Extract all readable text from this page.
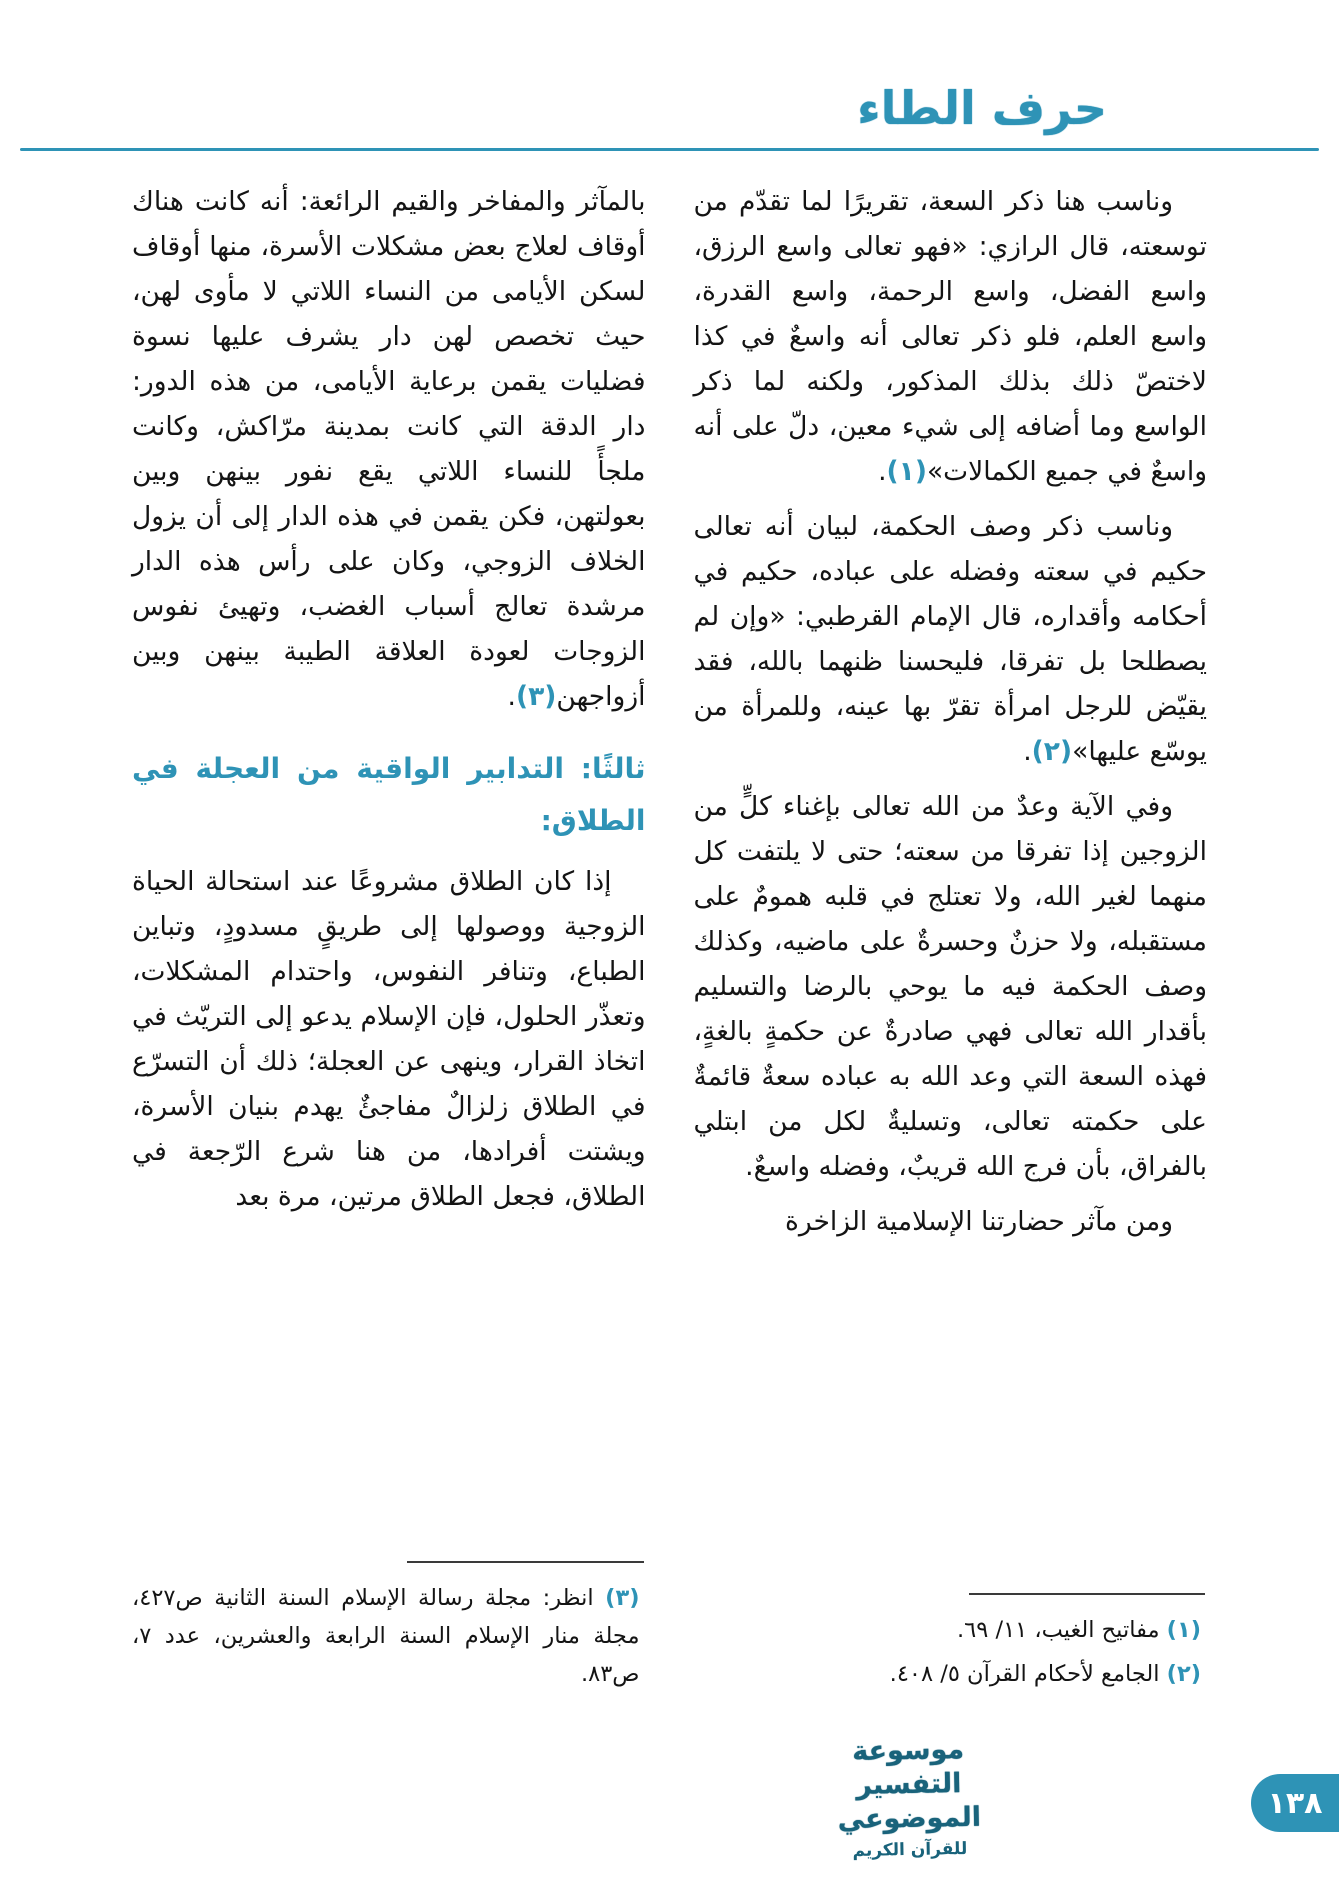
حرف الطاء

وناسب هنا ذكر السعة، تقريرًا لما تقدّم من توسعته، قال الرازي: «فهو تعالى واسع الرزق، واسع الفضل، واسع الرحمة، واسع القدرة، واسع العلم، فلو ذكر تعالى أنه واسعٌ في كذا لاختصّ ذلك بذلك المذكور، ولكنه لما ذكر الواسع وما أضافه إلى شيء معين، دلّ على أنه واسعٌ في جميع الكمالات»(١).

وناسب ذكر وصف الحكمة، لبيان أنه تعالى حكيم في سعته وفضله على عباده، حكيم في أحكامه وأقداره، قال الإمام القرطبي: «وإن لم يصطلحا بل تفرقا، فليحسنا ظنهما بالله، فقد يقيّض للرجل امرأة تقرّ بها عينه، وللمرأة من يوسّع عليها»(٢).

وفي الآية وعدٌ من الله تعالى بإغناء كلٍّ من الزوجين إذا تفرقا من سعته؛ حتى لا يلتفت كل منهما لغير الله، ولا تعتلج في قلبه همومٌ على مستقبله، ولا حزنٌ وحسرةٌ على ماضيه، وكذلك وصف الحكمة فيه ما يوحي بالرضا والتسليم بأقدار الله تعالى فهي صادرةٌ عن حكمةٍ بالغةٍ، فهذه السعة التي وعد الله به عباده سعةٌ قائمةٌ على حكمته تعالى، وتسليةٌ لكل من ابتلي بالفراق، بأن فرج الله قريبٌ، وفضله واسعٌ.

ومن مآثر حضارتنا الإسلامية الزاخرة

(١) مفاتيح الغيب، ١١/ ٦٩.

(٢) الجامع لأحكام القرآن ٥/ ٤٠٨.

بالمآثر والمفاخر والقيم الرائعة: أنه كانت هناك أوقاف لعلاج بعض مشكلات الأسرة، منها أوقاف لسكن الأيامى من النساء اللاتي لا مأوى لهن، حيث تخصص لهن دار يشرف عليها نسوة فضليات يقمن برعاية الأيامى، من هذه الدور: دار الدقة التي كانت بمدينة مرّاكش، وكانت ملجأً للنساء اللاتي يقع نفور بينهن وبين بعولتهن، فكن يقمن في هذه الدار إلى أن يزول الخلاف الزوجي، وكان على رأس هذه الدار مرشدة تعالج أسباب الغضب، وتهيئ نفوس الزوجات لعودة العلاقة الطيبة بينهن وبين أزواجهن(٣).

ثالثًا: التدابير الواقية من العجلة في الطلاق:

إذا كان الطلاق مشروعًا عند استحالة الحياة الزوجية ووصولها إلى طريقٍ مسدودٍ، وتباين الطباع، وتنافر النفوس، واحتدام المشكلات، وتعذّر الحلول، فإن الإسلام يدعو إلى التريّث في اتخاذ القرار، وينهى عن العجلة؛ ذلك أن التسرّع في الطلاق زلزالٌ مفاجئٌ يهدم بنيان الأسرة، ويشتت أفرادها، من هنا شرع الرّجعة في الطلاق، فجعل الطلاق مرتين، مرة بعد

(٣) انظر: مجلة رسالة الإسلام السنة الثانية ص٤٢٧، مجلة منار الإسلام السنة الرابعة والعشرين، عدد ٧، ص٨٣.

موسوعة التفسير الموضوعي
للقرآن الكريم
١٣٨
